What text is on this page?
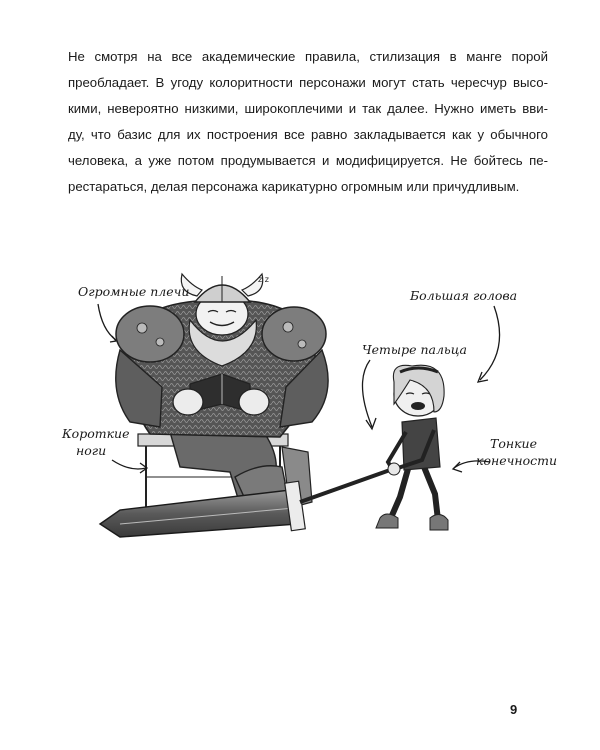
Не смотря на все академические правила, стилизация в манге порой
преобладает. В угоду колоритности персонажи могут стать чересчур высо-
кими, невероятно низкими, широкоплечими и так далее. Нужно иметь вви-
ду, что базис для их построения все равно закладывается как у обычного
человека, а уже потом продумывается и модифицируется. Не бойтесь пе-
рестараться, делая персонажа карикатурно огромным или причудливым.

z z
Огромные плечи	Большая голова
Четыре пальца
Короткие
ноги	Тонкие
конечности
9
